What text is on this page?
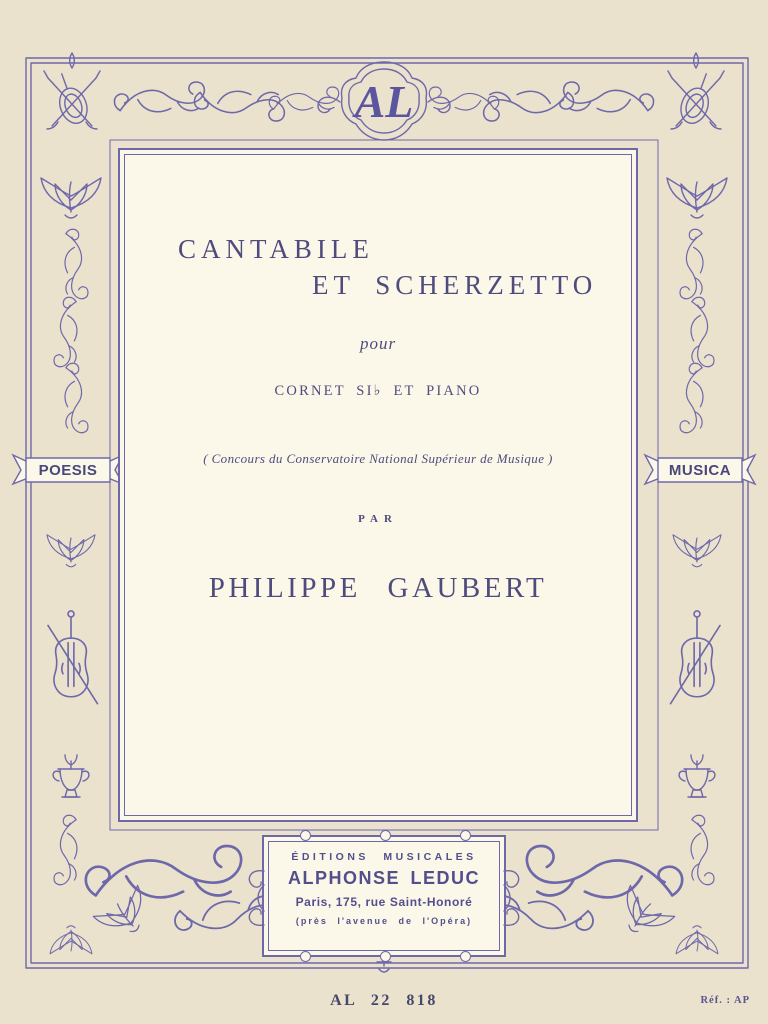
AL
POESIS	MUSICA
CANTABILE
ET SCHERZETTO
pour
CORNET SI♭ ET PIANO
( Concours du Conservatoire National Supérieur de Musique )
PAR
PHILIPPE GAUBERT
ÉDITIONS MUSICALES
ALPHONSE LEDUC
Paris, 175, rue Saint-Honoré
(près l'avenue de l'Opéra)
AL 22 818	Réf. : AP
